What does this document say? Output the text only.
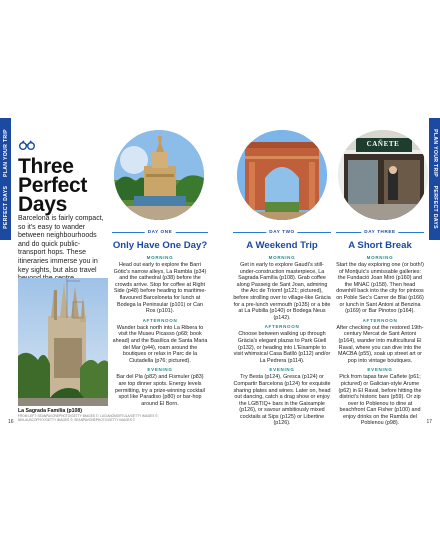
PERFECT DAYS     PLAN YOUR TRIP	PLAN YOUR TRIP     PERFECT DAYS
Three
Perfect
Days
Barcelona is fairly compact, so it's easy to wander between neighbourhoods and do quick public-transport hops. These itineraries immerse you in key sights, but also travel
La Sagrada Família (p108)
FROM LEFT: SEANPAVONEPHOTO/GETTY IMAGES ©; LUCIANOMORTULA/GETTY IMAGES ©; NIKLAUSCOFFEY/GETTY IMAGES ©; SEANPAVONEPHOTO/GETTY IMAGES ©
16	17
CAÑETE
DAY ONE	DAY TWO	DAY THREE
Only Have One Day?	A Weekend Trip	A Short Break
MORNING

Head out early to explore the Barri Gòtic's narrow alleys, La Rambla (p34) and the cathedral (p38) before the crowds arrive. Stop for coffee at Right Side (p48) before heading to maritime-flavoured Barceloneta for lunch at Bodega la Peninsular (p101) or Can Ros (p101).

AFTERNOON

Wander back north into La Ribera to visit the Museu Picasso (p68; book ahead) and the Basílica de Santa Maria del Mar (p44), roam around the boutiques or relax in Parc de la Ciutadella (p76; pictured).

EVENING

Bar del Pla (p82) and Fismuler (p83) are top dinner spots. Energy levels permitting, try a prize-winning cocktail spot like Paradiso (p80) or bar-hop around El Born.

MORNING

Get in early to explore Gaudí's still-under-construction masterpiece, La Sagrada Família (p108). Grab coffee along Passeig de Sant Joan, admiring the Arc de Triomf (p121; pictured), before strolling over to village-like Gràcia for a pre-lunch vermouth (p135) or a bite at La Pubilla (p140) or Bodega Neus (p142).

AFTERNOON

Choose between walking up through Gràcia's elegant plazas to Park Güell (p132), or heading into L'Eixample to visit whimsical Casa Batlló (p112) and/or La Pedrera (p114).

EVENING

Try Besta (p124), Gresca (p124) or Compartir Barcelona (p124) for exquisite sharing plates and wines. Later on, head out dancing, catch a drag show or enjoy the LGBTIQ+ bars in the Gaixample (p126), or savour ambitiously mixed cocktails at Sips (p125) or Libertine (p126).

MORNING

Start the day exploring one (or both!) of Montjuïc's unmissable galleries: the Fundació Joan Miró (p160) and the MNAC (p158). Then head downhill back into the city for pintxos on Poble Sec's Carrer de Blai (p166) or lunch in Sant Antoni at Benzina (p169) or Bar Pinotxo (p164).

AFTERNOON

After checking out the restored 19th-century Mercat de Sant Antoni (p164), wander into multicultural El Raval, where you can dive into the MACBA (p55), soak up street art or pop into vintage boutiques.

EVENING

Pick from tapas fave Cañete (p61; pictured) or Galician-style Arume (p62) in El Raval, before hitting the district's historic bars (p59). Or zip over to Poblenou to dine at beachfront Can Fisher (p100) and enjoy drinks on the Rambla del Poblenou (p98).
